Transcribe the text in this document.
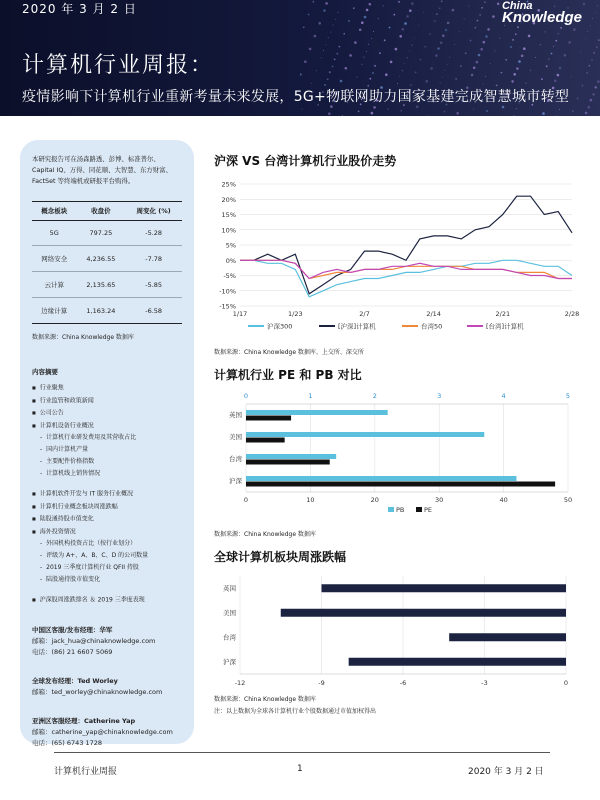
2020 年 3 月 2 日	China
Knowledge
计算机行业周报：
疫情影响下计算机行业重新考量未来发展，5G+物联网助力国家基建完成智慧城市转型
本研究报告可在汤森路透、彭博、标准普尔、Capital IQ、万得、同花顺、大智慧、东方财富、FactSet 等终端机或研报平台购得。
概念板块	收盘价	周变化 (%)
5G	797.25	-5.28
网络安全	4,236.55	-7.78
云计算	2,135.65	-5.85
边缘计算	1,163.24	-6.58
数据来源：China Knowledge 数据库
内容摘要
■ 行业聚焦
■ 行业监管和政策新闻
■ 公司公告
■ 计算机设备行业概况
- 计算机行业研发费用及其营收占比
- 国内计算机产量
- 主要配件价格指数
- 计算机线上销售情况
■ 计算机软件开发与 IT 服务行业概况
■ 计算机行业概念板块周涨跌幅
■ 陆股通持股市值变化
■ 海外投资情况
- 外国机构投资占比（按行业划分）
- 评级为 A+、A、B、C、D 的公司数量
- 2019 三季度计算机行业 QFII 持股
- 陆股通持股市值变化
■ 沪深股周涨跌排名 ＆ 2019 三季度表现
中国区客服/发布经理：华军
邮箱：jack_hua@chinaknowledge.com
电话：(86) 21 6607 5069
全球发布经理：Ted Worley
邮箱：ted_worley@chinaknowledge.com
亚洲区客服经理：Catherine Yap
邮箱：catherine_yap@chinaknowledge.com
电话：(65) 6743 1728
沪深 VS 台湾计算机行业股价走势
-15%
-10%
-5%
0%
5%
10%
15%
20%
25%
1/17	1/23	2/7	2/14	2/21	2/28
沪深300	[沪深]计算机	台湾50	[台湾]计算机
数据来源：China Knowledge 数据库、上交所、深交所
计算机行业 PE 和 PB 对比
0	1	2	3	4	5
0	10	20	30	40	50
英国
美国
台湾
沪深
PB	PE
数据来源：China Knowledge 数据库
全球计算机板块周涨跌幅
-12	-9	-6	-3	0
英国
美国
台湾
沪深
数据来源：China Knowledge 数据库
注：以上数据为全球各计算机行业个股数据通过市值加权得出
计算机行业周报	1	2020 年 3 月 2 日
